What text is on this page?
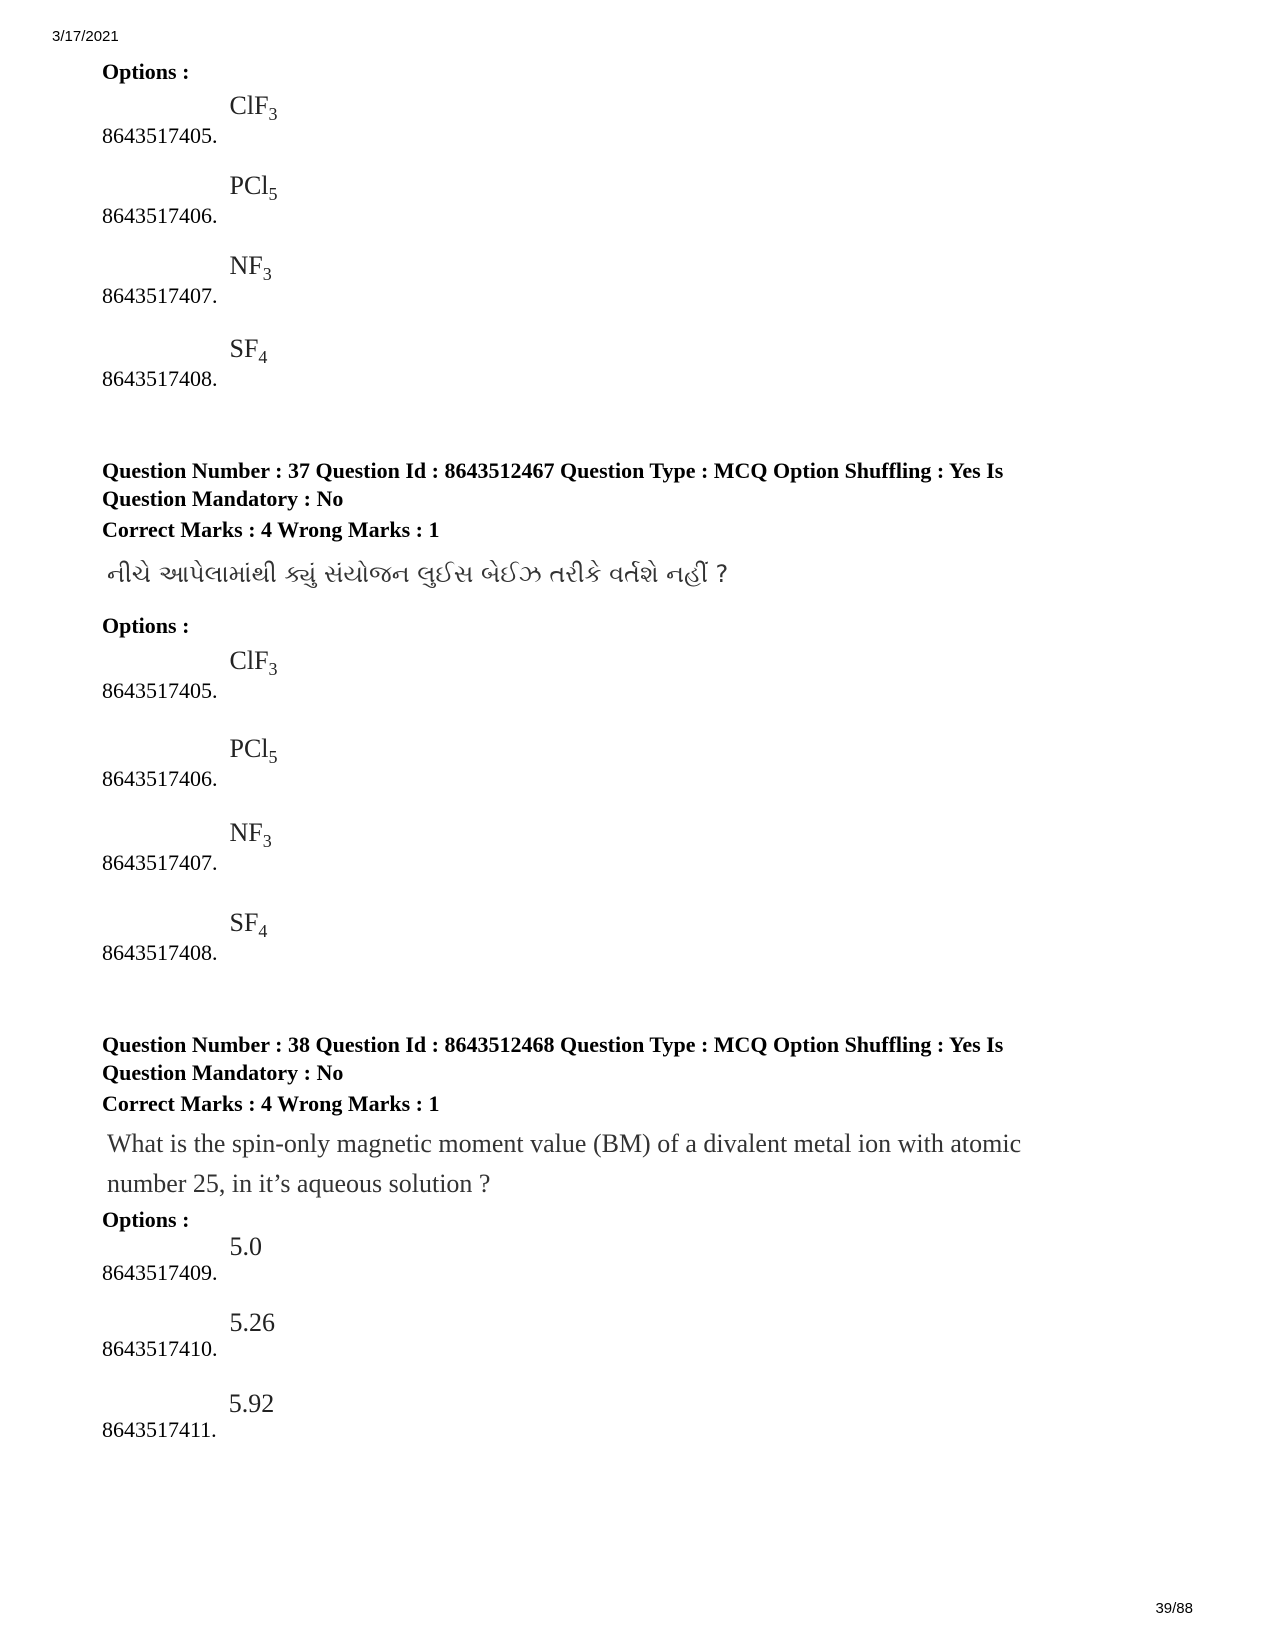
3/17/2021
39/88
Options :
8643517405.ClF$_3$
8643517406.PCl$_5$
$8643517407.NF_3$
$8643517408.SF_4$
Question Number : 37 Question Id : 8643512467 Question Type : MCQ Option Shuffling : Yes Is
Question Mandatory : No
Correct Marks : 4 Wrong Marks : 1
નીચે આપેલામાંથી ક્યું સંયોજન લુઈસ બેઈઝ તરીકે વર્તશે નહીં ?
Options :
8643517405.ClF$_3$
8643517406.PCl$_5$
$8643517407.NF_3$
$8643517408.SF_4$
Question Number : 38 Question Id : 8643512468 Question Type : MCQ Option Shuffling : Yes Is
Question Mandatory : No
Correct Marks : 4 Wrong Marks : 1
What is the spin-only magnetic moment value (BM) of a divalent metal ion with atomic
number 25, in it’s aqueous solution ?
Options :
8643517409.5.0
8643517410.5.26
8643517411.5.92
